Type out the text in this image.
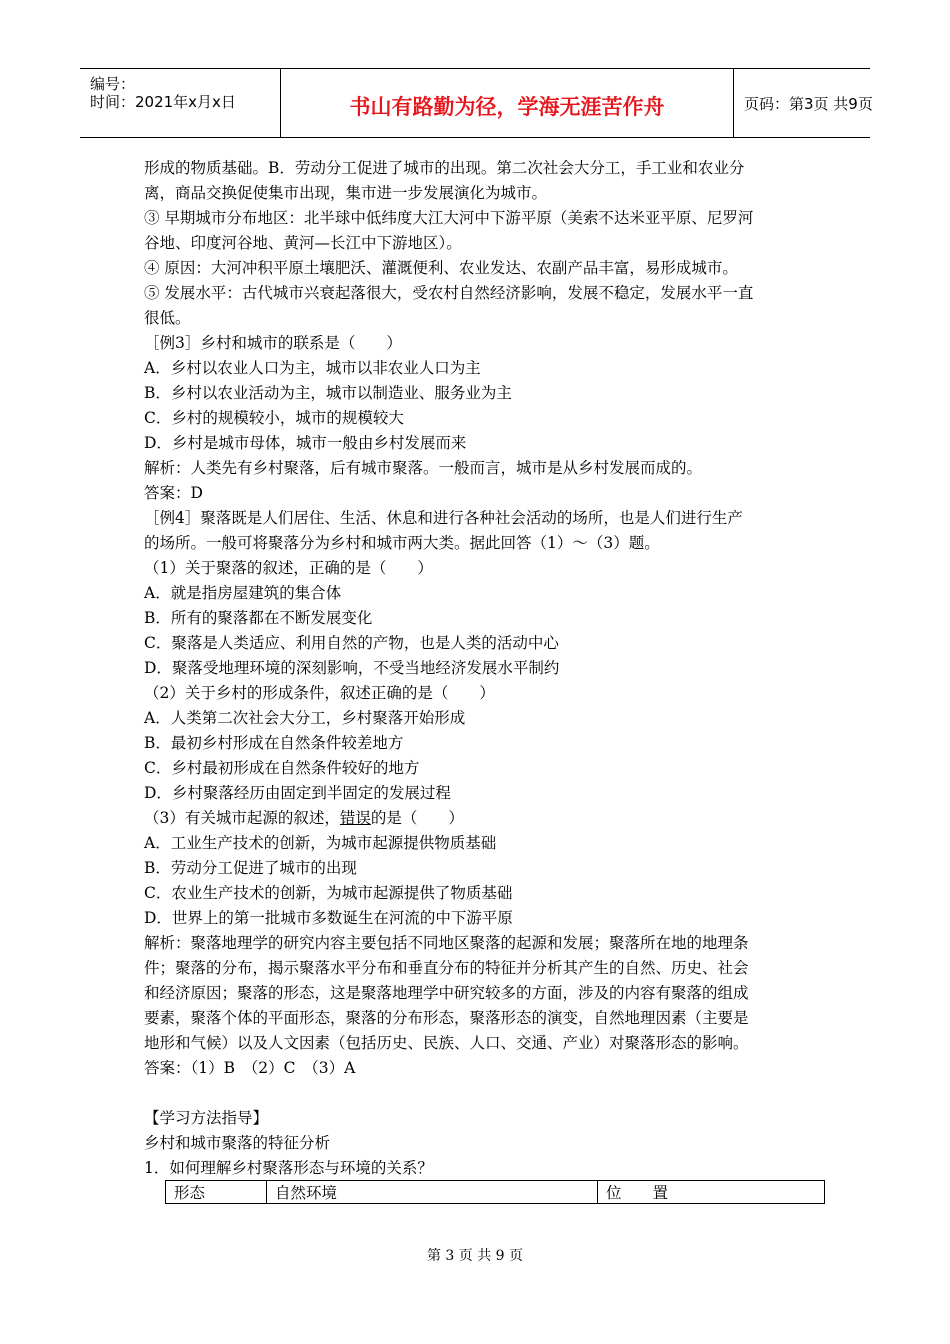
编号：
时间：2021年x月x日	书山有路勤为径，学海无涯苦作舟	页码：第3页 共9页
形成的物质基础。B．劳动分工促进了城市的出现。第二次社会大分工，手工业和农业分
离，商品交换促使集市出现，集市进一步发展演化为城市。
③ 早期城市分布地区：北半球中低纬度大江大河中下游平原（美索不达米亚平原、尼罗河
谷地、印度河谷地、黄河—长江中下游地区）。
④ 原因：大河冲积平原土壤肥沃、灌溉便利、农业发达、农副产品丰富，易形成城市。
⑤ 发展水平：古代城市兴衰起落很大，受农村自然经济影响，发展不稳定，发展水平一直
很低。
［例3］乡村和城市的联系是（　　）
A．乡村以农业人口为主，城市以非农业人口为主
B．乡村以农业活动为主，城市以制造业、服务业为主
C．乡村的规模较小，城市的规模较大
D．乡村是城市母体，城市一般由乡村发展而来
解析：人类先有乡村聚落，后有城市聚落。一般而言，城市是从乡村发展而成的。
答案：D
［例4］聚落既是人们居住、生活、休息和进行各种社会活动的场所，也是人们进行生产
的场所。一般可将聚落分为乡村和城市两大类。据此回答（1）～（3）题。
（1）关于聚落的叙述，正确的是（　　）
A．就是指房屋建筑的集合体
B．所有的聚落都在不断发展变化
C．聚落是人类适应、利用自然的产物，也是人类的活动中心
D．聚落受地理环境的深刻影响，不受当地经济发展水平制约
（2）关于乡村的形成条件，叙述正确的是（　　）
A．人类第二次社会大分工，乡村聚落开始形成
B．最初乡村形成在自然条件较差地方
C．乡村最初形成在自然条件较好的地方
D．乡村聚落经历由固定到半固定的发展过程
（3）有关城市起源的叙述，错误的是（　　）
A．工业生产技术的创新，为城市起源提供物质基础
B．劳动分工促进了城市的出现
C．农业生产技术的创新，为城市起源提供了物质基础
D．世界上的第一批城市多数诞生在河流的中下游平原
解析：聚落地理学的研究内容主要包括不同地区聚落的起源和发展；聚落所在地的地理条
件；聚落的分布，揭示聚落水平分布和垂直分布的特征并分析其产生的自然、历史、社会
和经济原因；聚落的形态，这是聚落地理学中研究较多的方面，涉及的内容有聚落的组成
要素，聚落个体的平面形态，聚落的分布形态，聚落形态的演变，自然地理因素（主要是
地形和气候）以及人文因素（包括历史、民族、人口、交通、产业）对聚落形态的影响。
答案：（1）B　（2）C　（3）A
【学习方法指导】
乡村和城市聚落的特征分析
1．如何理解乡村聚落形态与环境的关系？
形态	自然环境	位　　置
第 3 页 共 9 页
